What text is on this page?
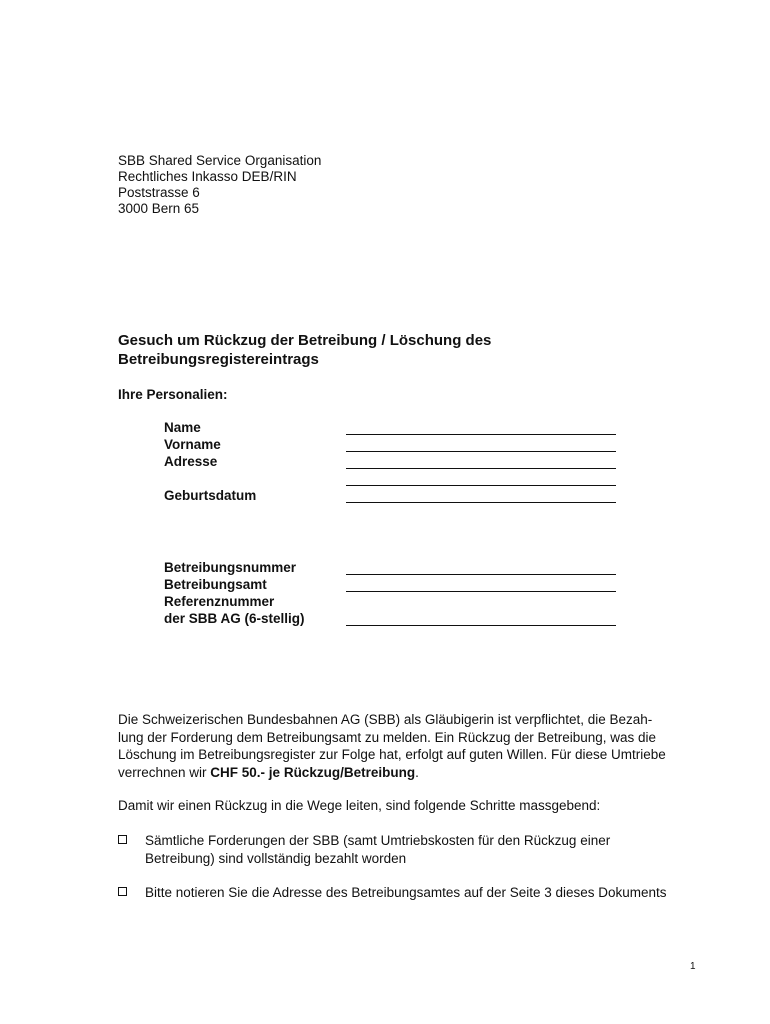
SBB Shared Service Organisation
Rechtliches Inkasso DEB/RIN
Poststrasse 6
3000 Bern 65
Gesuch um Rückzug der Betreibung / Löschung des
Betreibungsregistereintrags
Ihre Personalien:
Name
Vorname
Adresse
Geburtsdatum
Betreibungsnummer
Betreibungsamt
Referenznummer
der SBB AG (6-stellig)
Die Schweizerischen Bundesbahnen AG (SBB) als Gläubigerin ist verpflichtet, die Bezah-
lung der Forderung dem Betreibungsamt zu melden. Ein Rückzug der Betreibung, was die
Löschung im Betreibungsregister zur Folge hat, erfolgt auf guten Willen. Für diese Umtriebe
verrechnen wir CHF 50.- je Rückzug/Betreibung.
Damit wir einen Rückzug in die Wege leiten, sind folgende Schritte massgebend:
Sämtliche Forderungen der SBB (samt Umtriebskosten für den Rückzug einer
Betreibung) sind vollständig bezahlt worden
Bitte notieren Sie die Adresse des Betreibungsamtes auf der Seite 3 dieses Dokuments
1
